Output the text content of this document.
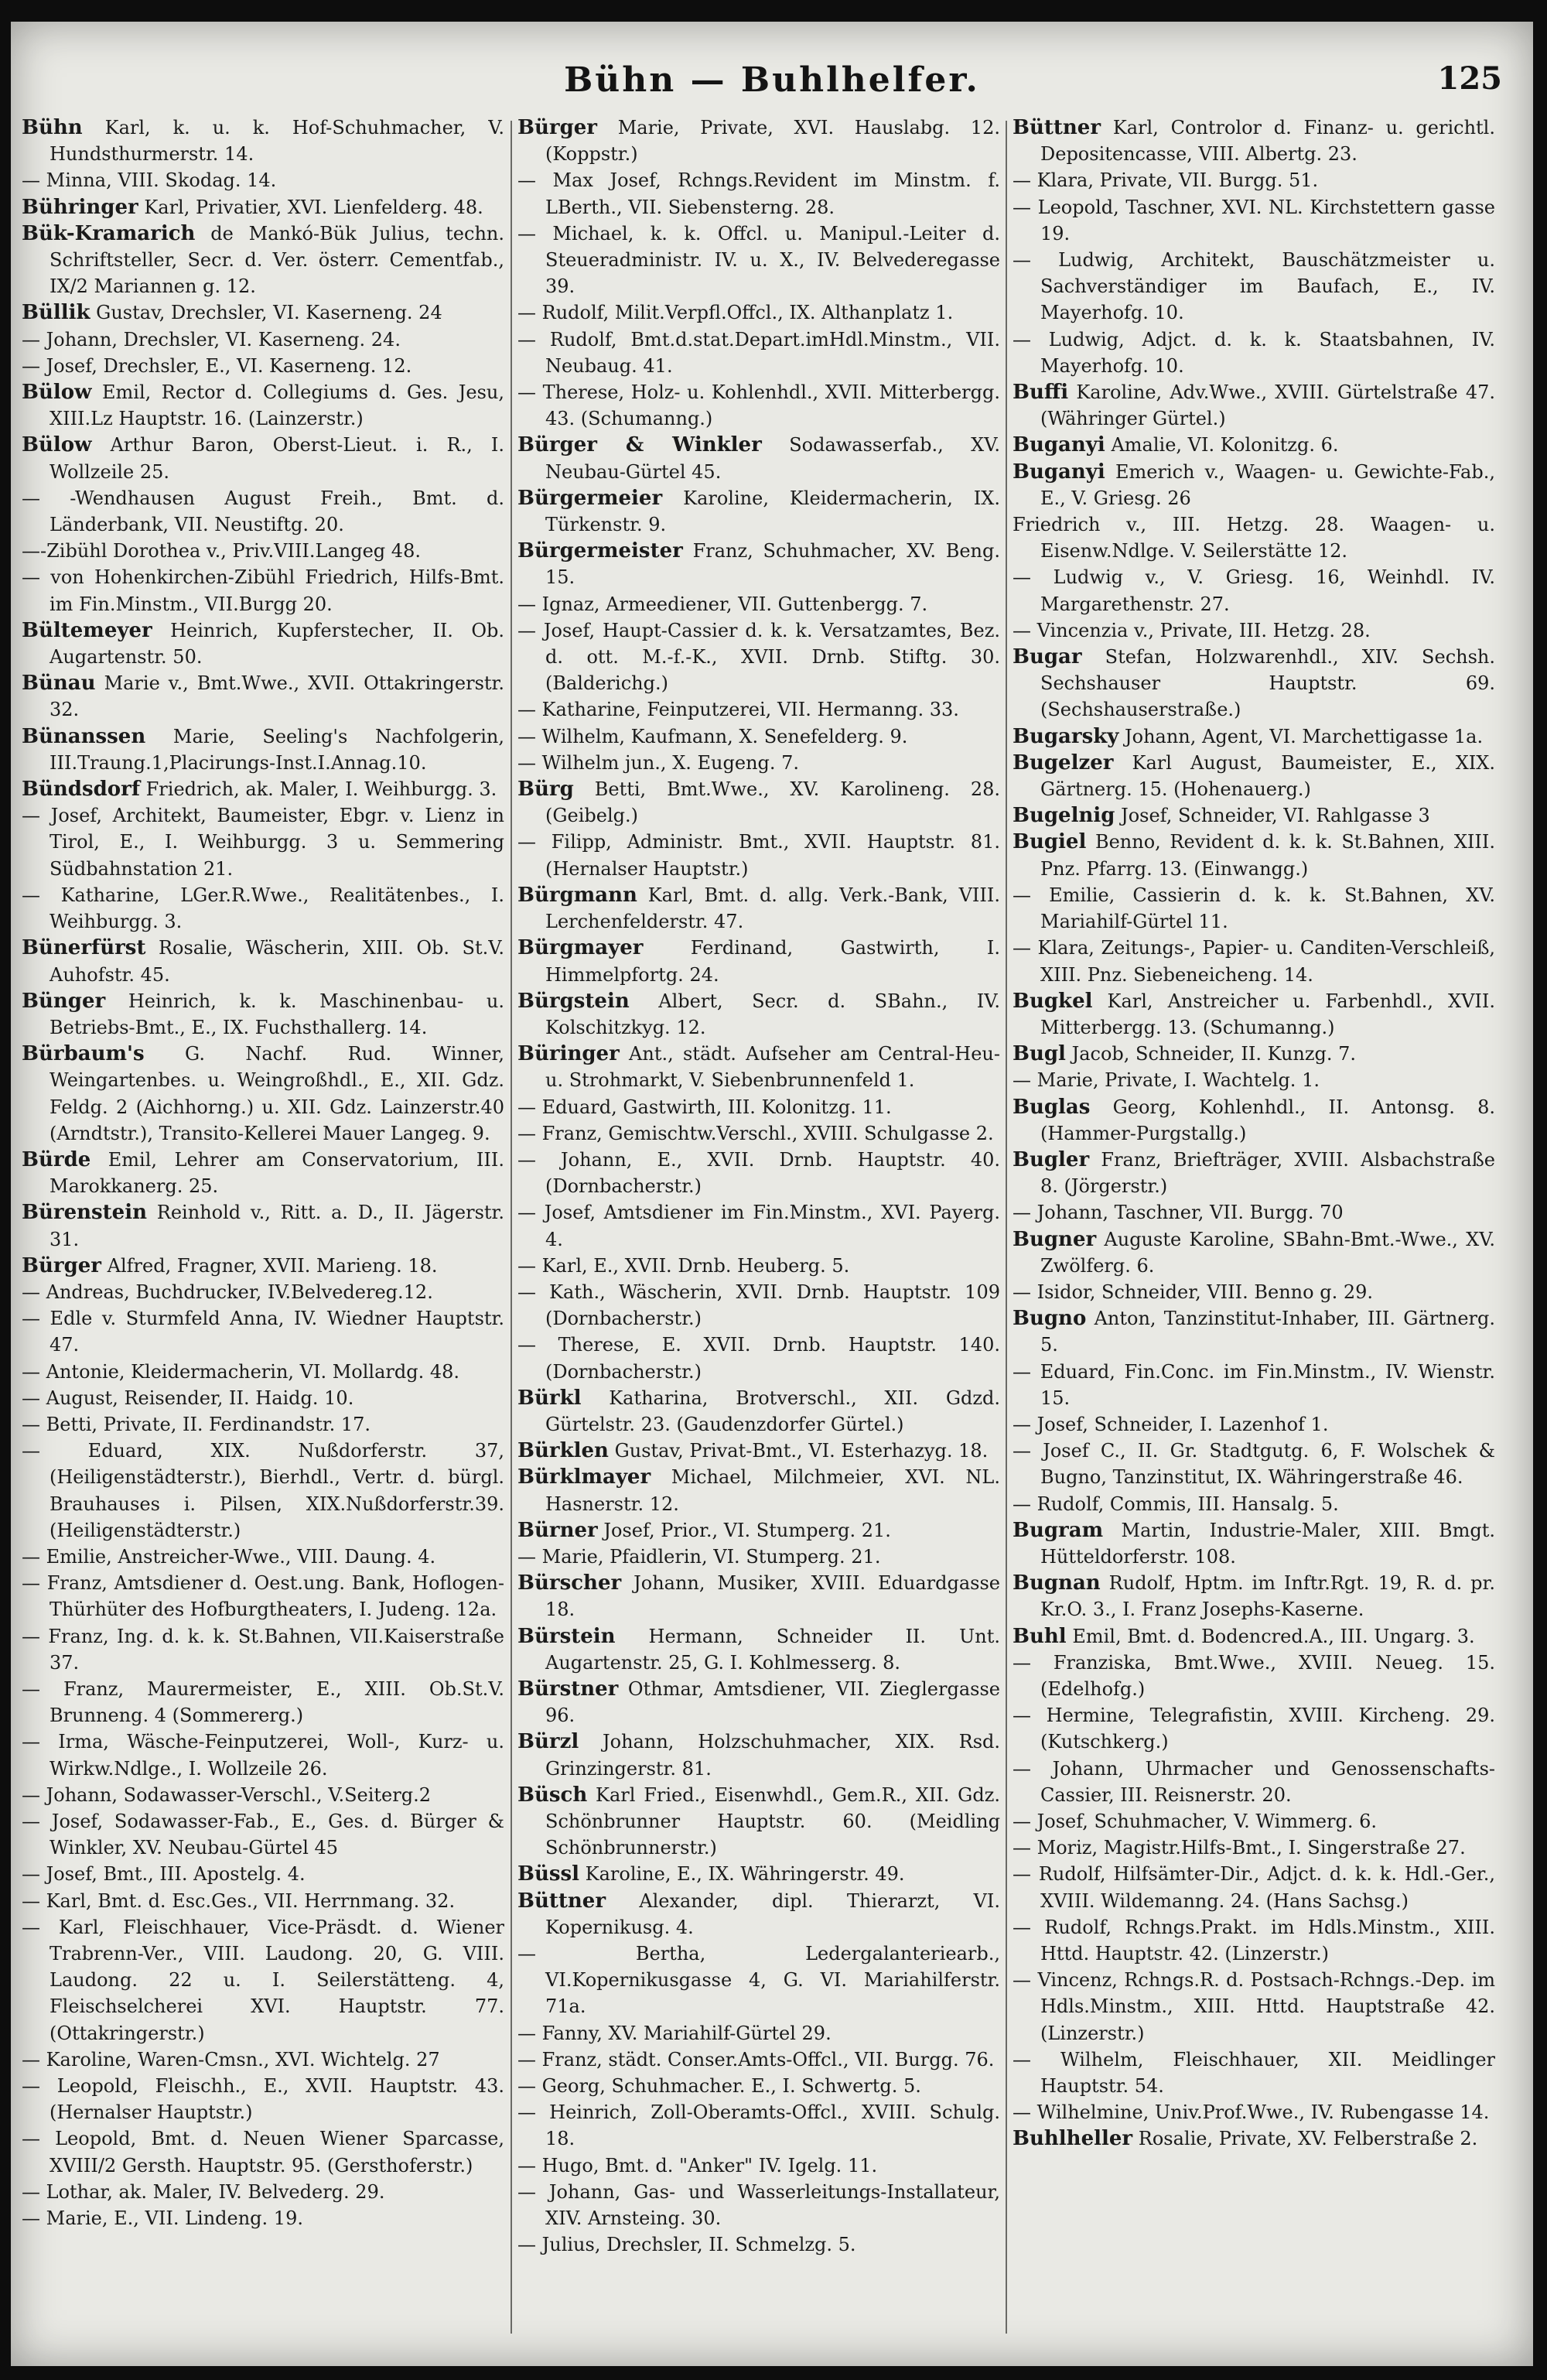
Bühn — Buhlhelfer.	125
Bühn Karl, k. u. k. Hof-Schuhmacher, V. Hundsthurmerstr. 14.
— Minna, VIII. Skodag. 14.
Bühringer Karl, Privatier, XVI. Lienfelderg. 48.
Bük-Kramarich de Mankó-Bük Julius, techn. Schriftsteller, Secr. d. Ver. österr. Cementfab., IX/2 Mariannen g. 12.
Büllik Gustav, Drechsler, VI. Kaserneng. 24
— Johann, Drechsler, VI. Kaserneng. 24.
— Josef, Drechsler, E., VI. Kaserneng. 12.
Bülow Emil, Rector d. Collegiums d. Ges. Jesu, XIII.Lz Hauptstr. 16. (Lainzerstr.)
Bülow Arthur Baron, Oberst-Lieut. i. R., I. Wollzeile 25.
— -Wendhausen August Freih., Bmt. d. Länderbank, VII. Neustiftg. 20.
—-Zibühl Dorothea v., Priv.VIII.Langeg 48.
— von Hohenkirchen-Zibühl Friedrich, Hilfs-Bmt. im Fin.Minstm., VII.Burgg 20.
Bültemeyer Heinrich, Kupferstecher, II. Ob. Augartenstr. 50.
Bünau Marie v., Bmt.Wwe., XVII. Ottakringerstr. 32.
Bünanssen Marie, Seeling's Nachfolgerin, III.Traung.1,Placirungs-Inst.I.Annag.10.
Bündsdorf Friedrich, ak. Maler, I. Weihburgg. 3.
— Josef, Architekt, Baumeister, Ebgr. v. Lienz in Tirol, E., I. Weihburgg. 3 u. Semmering Südbahnstation 21.
— Katharine, LGer.R.Wwe., Realitätenbes., I. Weihburgg. 3.
Bünerfürst Rosalie, Wäscherin, XIII. Ob. St.V. Auhofstr. 45.
Bünger Heinrich, k. k. Maschinenbau- u. Betriebs-Bmt., E., IX. Fuchsthallerg. 14.
Bürbaum's G. Nachf. Rud. Winner, Weingartenbes. u. Weingroßhdl., E., XII. Gdz. Feldg. 2 (Aichhorng.) u. XII. Gdz. Lainzerstr.40 (Arndtstr.), Transito-Kellerei Mauer Langeg. 9.
Bürde Emil, Lehrer am Conservatorium, III. Marokkanerg. 25.
Bürenstein Reinhold v., Ritt. a. D., II. Jägerstr. 31.
Bürger Alfred, Fragner, XVII. Marieng. 18.
— Andreas, Buchdrucker, IV.Belvedereg.12.
— Edle v. Sturmfeld Anna, IV. Wiedner Hauptstr. 47.
— Antonie, Kleidermacherin, VI. Mollardg. 48.
— August, Reisender, II. Haidg. 10.
— Betti, Private, II. Ferdinandstr. 17.
— Eduard, XIX. Nußdorferstr. 37, (Heiligenstädterstr.), Bierhdl., Vertr. d. bürgl. Brauhauses i. Pilsen, XIX.Nußdorferstr.39. (Heiligenstädterstr.)
— Emilie, Anstreicher-Wwe., VIII. Daung. 4.
— Franz, Amtsdiener d. Oest.ung. Bank, Hoflogen-Thürhüter des Hofburgtheaters, I. Judeng. 12a.
— Franz, Ing. d. k. k. St.Bahnen, VII.Kaiserstraße 37.
— Franz, Maurermeister, E., XIII. Ob.St.V. Brunneng. 4 (Sommererg.)
— Irma, Wäsche-Feinputzerei, Woll-, Kurz- u. Wirkw.Ndlge., I. Wollzeile 26.
— Johann, Sodawasser-Verschl., V.Seiterg.2
— Josef, Sodawasser-Fab., E., Ges. d. Bürger & Winkler, XV. Neubau-Gürtel 45
— Josef, Bmt., III. Apostelg. 4.
— Karl, Bmt. d. Esc.Ges., VII. Herrnmang. 32.
— Karl, Fleischhauer, Vice-Präsdt. d. Wiener Trabrenn-Ver., VIII. Laudong. 20, G. VIII. Laudong. 22 u. I. Seilerstätteng. 4, Fleischselcherei XVI. Hauptstr. 77. (Ottakringerstr.)
— Karoline, Waren-Cmsn., XVI. Wichtelg. 27
— Leopold, Fleischh., E., XVII. Hauptstr. 43. (Hernalser Hauptstr.)
— Leopold, Bmt. d. Neuen Wiener Sparcasse, XVIII/2 Gersth. Hauptstr. 95. (Gersthoferstr.)
— Lothar, ak. Maler, IV. Belvederg. 29.
— Marie, E., VII. Lindeng. 19.
Bürger Marie, Private, XVI. Hauslabg. 12. (Koppstr.)
— Max Josef, Rchngs.Revident im Minstm. f. LBerth., VII. Siebensterng. 28.
— Michael, k. k. Offcl. u. Manipul.-Leiter d. Steueradministr. IV. u. X., IV. Belvederegasse 39.
— Rudolf, Milit.Verpfl.Offcl., IX. Althanplatz 1.
— Rudolf, Bmt.d.stat.Depart.imHdl.Minstm., VII. Neubaug. 41.
— Therese, Holz- u. Kohlenhdl., XVII. Mitterbergg. 43. (Schumanng.)
Bürger & Winkler Sodawasserfab., XV. Neubau-Gürtel 45.
Bürgermeier Karoline, Kleidermacherin, IX. Türkenstr. 9.
Bürgermeister Franz, Schuhmacher, XV. Beng. 15.
— Ignaz, Armeediener, VII. Guttenbergg. 7.
— Josef, Haupt-Cassier d. k. k. Versatzamtes, Bez. d. ott. M.-f.-K., XVII. Drnb. Stiftg. 30. (Balderichg.)
— Katharine, Feinputzerei, VII. Hermanng. 33.
— Wilhelm, Kaufmann, X. Senefelderg. 9.
— Wilhelm jun., X. Eugeng. 7.
Bürg Betti, Bmt.Wwe., XV. Karolineng. 28. (Geibelg.)
— Filipp, Administr. Bmt., XVII. Hauptstr. 81. (Hernalser Hauptstr.)
Bürgmann Karl, Bmt. d. allg. Verk.-Bank, VIII. Lerchenfelderstr. 47.
Bürgmayer	Ferdinand, Gastwirth, I. Himmelpfortg. 24.
Bürgstein Albert, Secr. d. SBahn., IV. Kolschitzkyg. 12.
Büringer Ant., städt. Aufseher am Central-Heu- u. Strohmarkt, V. Siebenbrunnenfeld 1.
— Eduard, Gastwirth, III. Kolonitzg. 11.
— Franz, Gemischtw.Verschl., XVIII. Schulgasse 2.
— Johann, E., XVII. Drnb. Hauptstr. 40. (Dornbacherstr.)
— Josef, Amtsdiener im Fin.Minstm., XVI. Payerg. 4.
— Karl, E., XVII. Drnb. Heuberg. 5.
— Kath., Wäscherin, XVII. Drnb. Hauptstr. 109 (Dornbacherstr.)
— Therese, E. XVII. Drnb. Hauptstr. 140. (Dornbacherstr.)
Bürkl Katharina, Brotverschl., XII. Gdzd. Gürtelstr. 23. (Gaudenzdorfer Gürtel.)
Bürklen Gustav, Privat-Bmt., VI. Esterhazyg. 18.
Bürklmayer Michael, Milchmeier, XVI. NL. Hasnerstr. 12.
Bürner Josef, Prior., VI. Stumperg. 21.
— Marie, Pfaidlerin, VI. Stumperg. 21.
Bürscher Johann, Musiker, XVIII. Eduardgasse 18.
Bürstein Hermann, Schneider II. Unt. Augartenstr. 25, G. I. Kohlmesserg. 8.
Bürstner Othmar, Amtsdiener, VII. Zieglergasse 96.
Bürzl Johann, Holzschuhmacher, XIX. Rsd. Grinzingerstr. 81.
Büsch Karl Fried., Eisenwhdl., Gem.R., XII. Gdz. Schönbrunner Hauptstr. 60. (Meidling Schönbrunnerstr.)
Büssl Karoline, E., IX. Währingerstr. 49.
Büttner Alexander, dipl. Thierarzt, VI. Kopernikusg. 4.
— Bertha, Ledergalanteriearb., VI.Kopernikusgasse 4, G. VI. Mariahilferstr. 71a.
— Fanny, XV. Mariahilf-Gürtel 29.
— Franz, städt. Conser.Amts-Offcl., VII. Burgg. 76.
— Georg, Schuhmacher. E., I. Schwertg. 5.
— Heinrich, Zoll-Oberamts-Offcl., XVIII. Schulg. 18.
— Hugo, Bmt. d. "Anker" IV. Igelg. 11.
— Johann, Gas- und Wasserleitungs-Installateur, XIV. Arnsteing. 30.
— Julius, Drechsler, II. Schmelzg. 5.
Büttner Karl, Controlor d. Finanz- u. gerichtl. Depositencasse, VIII. Albertg. 23.
— Klara, Private, VII. Burgg. 51.
— Leopold, Taschner, XVI. NL. Kirchstettern gasse 19.
— Ludwig, Architekt, Bauschätzmeister u. Sachverständiger im Baufach, E., IV. Mayerhofg. 10.
— Ludwig, Adjct. d. k. k. Staatsbahnen, IV. Mayerhofg. 10.
Buffi Karoline, Adv.Wwe., XVIII. Gürtelstraße 47. (Währinger Gürtel.)
Buganyi Amalie, VI. Kolonitzg. 6.
Buganyi Emerich v., Waagen- u. Gewichte-Fab., E., V. Griesg. 26
Friedrich v., III. Hetzg. 28. Waagen- u. Eisenw.Ndlge. V. Seilerstätte 12.
— Ludwig v., V. Griesg. 16, Weinhdl. IV. Margarethenstr. 27.
— Vincenzia v., Private, III. Hetzg. 28.
Bugar Stefan, Holzwarenhdl., XIV. Sechsh. Sechshauser Hauptstr. 69. (Sechshauserstraße.)
Bugarsky Johann, Agent, VI. Marchettigasse 1a.
Bugelzer Karl August, Baumeister, E., XIX. Gärtnerg. 15. (Hohenauerg.)
Bugelnig Josef, Schneider, VI. Rahlgasse 3
Bugiel Benno, Revident d. k. k. St.Bahnen, XIII. Pnz. Pfarrg. 13. (Einwangg.)
— Emilie, Cassierin d. k. k. St.Bahnen, XV. Mariahilf-Gürtel 11.
— Klara, Zeitungs-, Papier- u. Canditen-Verschleiß, XIII. Pnz. Siebeneicheng. 14.
Bugkel Karl, Anstreicher u. Farbenhdl., XVII. Mitterbergg. 13. (Schumanng.)
Bugl Jacob, Schneider, II. Kunzg. 7.
— Marie, Private, I. Wachtelg. 1.
Buglas Georg, Kohlenhdl., II. Antonsg. 8. (Hammer-Purgstallg.)
Bugler Franz, Briefträger, XVIII. Alsbachstraße 8. (Jörgerstr.)
— Johann, Taschner, VII. Burgg. 70
Bugner Auguste Karoline, SBahn-Bmt.-Wwe., XV. Zwölferg. 6.
— Isidor, Schneider, VIII. Benno g. 29.
Bugno Anton, Tanzinstitut-Inhaber, III. Gärtnerg. 5.
— Eduard, Fin.Conc. im Fin.Minstm., IV. Wienstr. 15.
— Josef, Schneider, I. Lazenhof 1.
— Josef C., II. Gr. Stadtgutg. 6, F. Wolschek & Bugno, Tanzinstitut, IX. Währingerstraße 46.
— Rudolf, Commis, III. Hansalg. 5.
Bugram Martin, Industrie-Maler, XIII. Bmgt. Hütteldorferstr. 108.
Bugnan Rudolf, Hptm. im Inftr.Rgt. 19, R. d. pr. Kr.O. 3., I. Franz Josephs-Kaserne.
Buhl Emil, Bmt. d. Bodencred.A., III. Ungarg. 3.
— Franziska, Bmt.Wwe., XVIII. Neueg. 15. (Edelhofg.)
— Hermine, Telegrafistin, XVIII. Kircheng. 29. (Kutschkerg.)
— Johann, Uhrmacher und Genossenschafts-Cassier, III. Reisnerstr. 20.
— Josef, Schuhmacher, V. Wimmerg. 6.
— Moriz, Magistr.Hilfs-Bmt., I. Singerstraße 27.
— Rudolf, Hilfsämter-Dir., Adjct. d. k. k. Hdl.-Ger., XVIII. Wildemanng. 24. (Hans Sachsg.)
— Rudolf, Rchngs.Prakt. im Hdls.Minstm., XIII. Httd. Hauptstr. 42. (Linzerstr.)
— Vincenz, Rchngs.R. d. Postsach-Rchngs.-Dep. im Hdls.Minstm., XIII. Httd. Hauptstraße 42. (Linzerstr.)
— Wilhelm, Fleischhauer, XII. Meidlinger Hauptstr. 54.
— Wilhelmine, Univ.Prof.Wwe., IV. Rubengasse 14.
Buhlheller Rosalie, Private, XV. Felberstraße 2.
